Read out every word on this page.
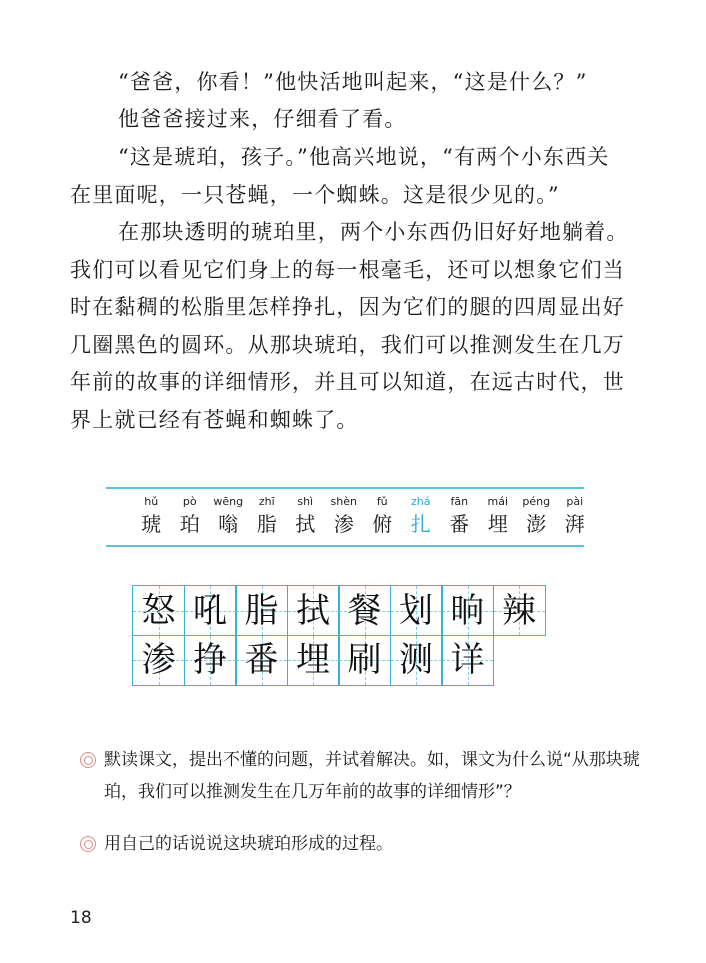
“爸爸，你看！”他快活地叫起来，“这是什么？”
他爸爸接过来，仔细看了看。
“这是琥珀，孩子。”他高兴地说，“有两个小东西关在里面呢，一只苍蝇，一个蜘蛛。这是很少见的。”
在那块透明的琥珀里，两个小东西仍旧好好地躺着。我们可以看见它们身上的每一根毫毛，还可以想象它们当时在黏稠的松脂里怎样挣扎，因为它们的腿的四周显出好几圈黑色的圆环。从那块琥珀，我们可以推测发生在几万年前的故事的详细情形，并且可以知道，在远古时代，世界上就已经有苍蝇和蜘蛛了。
hǔ
琥
pò
珀
wēng
嗡
zhī
脂
shì
拭
shèn
渗
fǔ
俯
zhá
扎
fān
番
mái
埋
péng
澎
pài
湃
怒 吼 脂 拭 餐 划 晌 辣
渗 挣 番 埋 刷 测 详
默读课文，提出不懂的问题，并试着解决。如，课文为什么说“从那块琥珀，我们可以推测发生在几万年前的故事的详细情形”？
用自己的话说说这块琥珀形成的过程。
18
